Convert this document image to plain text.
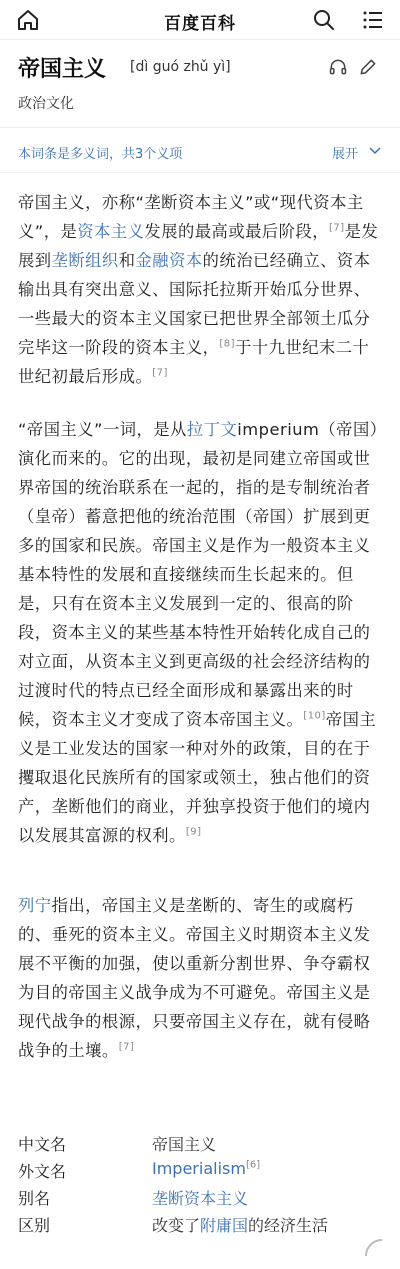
百度百科
帝国主义 [dì guó zhǔ yì]
政治文化
本词条是多义词，共3个义项	展开
帝国主义，亦称“垄断资本主义”或“现代资本主义”，是资本主义发展的最高或最后阶段，[7]是发展到垄断组织和金融资本的统治已经确立、资本输出具有突出意义、国际托拉斯开始瓜分世界、一些最大的资本主义国家已把世界全部领土瓜分完毕这一阶段的资本主义，[8]于十九世纪末二十世纪初最后形成。[7]
“帝国主义”一词，是从拉丁文imperium（帝国）演化而来的。它的出现，最初是同建立帝国或世界帝国的统治联系在一起的，指的是专制统治者（皇帝）蓄意把他的统治范围（帝国）扩展到更多的国家和民族。帝国主义是作为一般资本主义基本特性的发展和直接继续而生长起来的。但是，只有在资本主义发展到一定的、很高的阶段，资本主义的某些基本特性开始转化成自己的对立面，从资本主义到更高级的社会经济结构的过渡时代的特点已经全面形成和暴露出来的时候，资本主义才变成了资本帝国主义。[10]帝国主义是工业发达的国家一种对外的政策，目的在于攫取退化民族所有的国家或领土，独占他们的资产，垄断他们的商业，并独享投资于他们的境内以发展其富源的权利。[9]
列宁指出，帝国主义是垄断的、寄生的或腐朽的、垂死的资本主义。帝国主义时期资本主义发展不平衡的加强，使以重新分割世界、争夺霸权为目的帝国主义战争成为不可避免。帝国主义是现代战争的根源，只要帝国主义存在，就有侵略战争的土壤。[7]
中文名	帝国主义
外文名	Imperialism[6]
别名	垄断资本主义
区别	改变了附庸国的经济生活
